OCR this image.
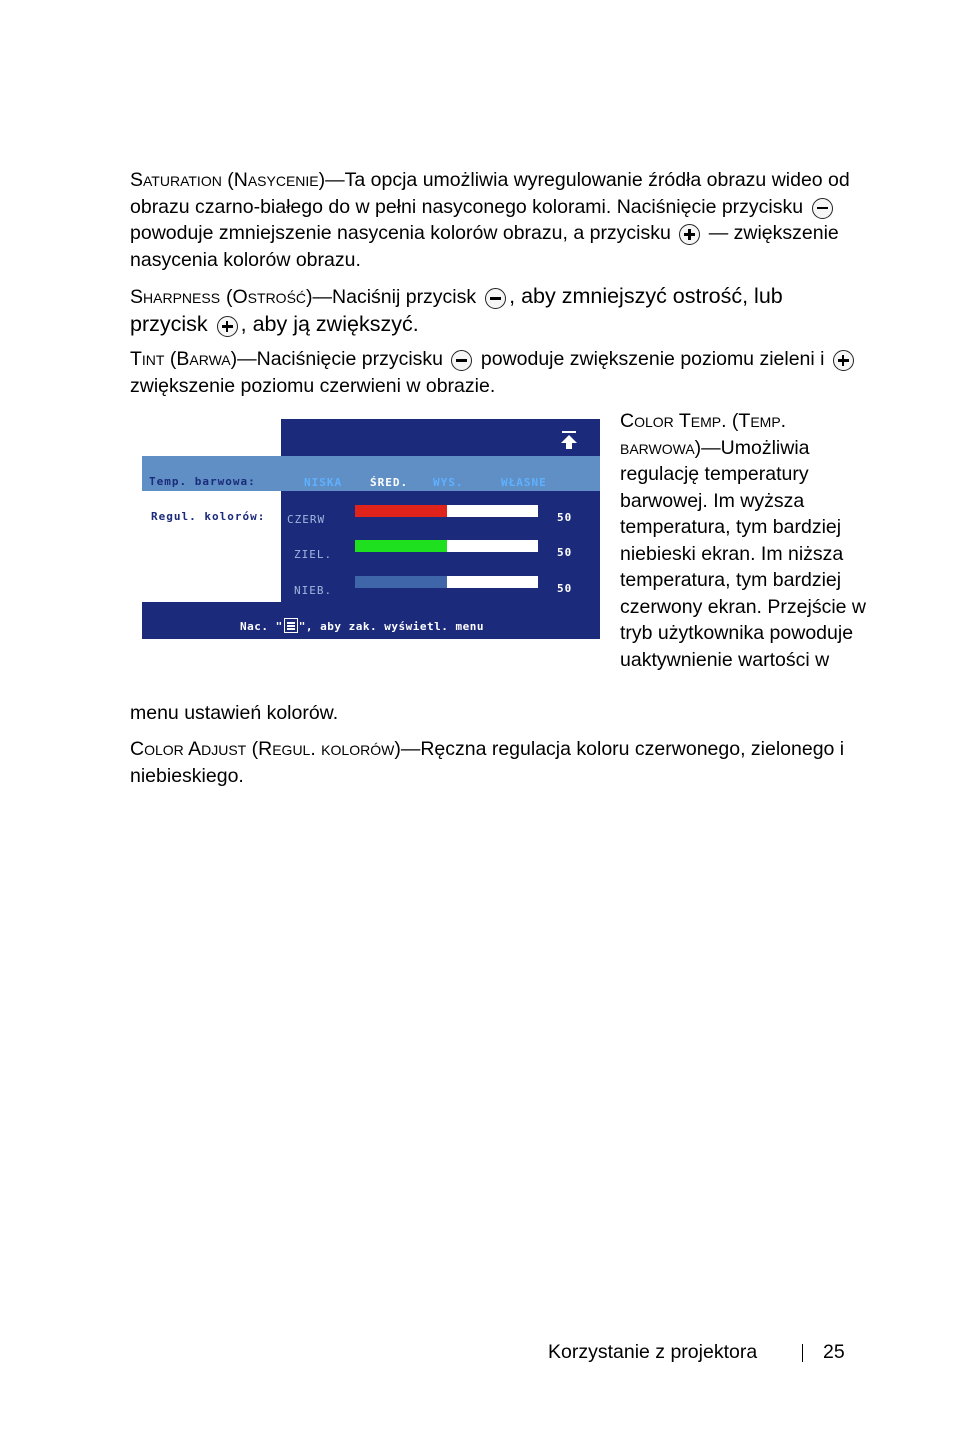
Saturation (Nasycenie)—Ta opcja umożliwia wyregulowanie źródła obrazu wideo od obrazu czarno-białego do w pełni nasyconego kolorami. Naciśnięcie przycisku  powoduje zmniejszenie nasycenia kolorów obrazu, a przycisku — zwiększenie nasycenia kolorów obrazu.

Sharpness (Ostrość)—Naciśnij przycisk , aby zmniejszyć ostrość, lub przycisk , aby ją zwiększyć.

Tint (Barwa)—Naciśnięcie przycisku powoduje zwiększenie poziomu zieleni i  zwiększenie poziomu czerwieni w obrazie.

Temp. barwowa:	NISKA	ŚRED. WYS.	WŁASNE
Regul. kolorów: CZERW	50
ZIEL.	50
NIEB.	50
Nac. " ", aby zak. wyświetl. menu

Color Temp. (Temp. barwowa)—Umożliwia regulację temperatury barwowej. Im wyższa temperatura, tym bardziej niebieski ekran. Im niższa temperatura, tym bardziej czerwony ekran. Przejście w tryb użytkownika powoduje uaktywnienie wartości w

menu ustawień kolorów.

Color Adjust (Regul. kolorów)—Ręczna regulacja koloru czerwonego, zielonego i niebieskiego.

Korzystanie z projektora	25
